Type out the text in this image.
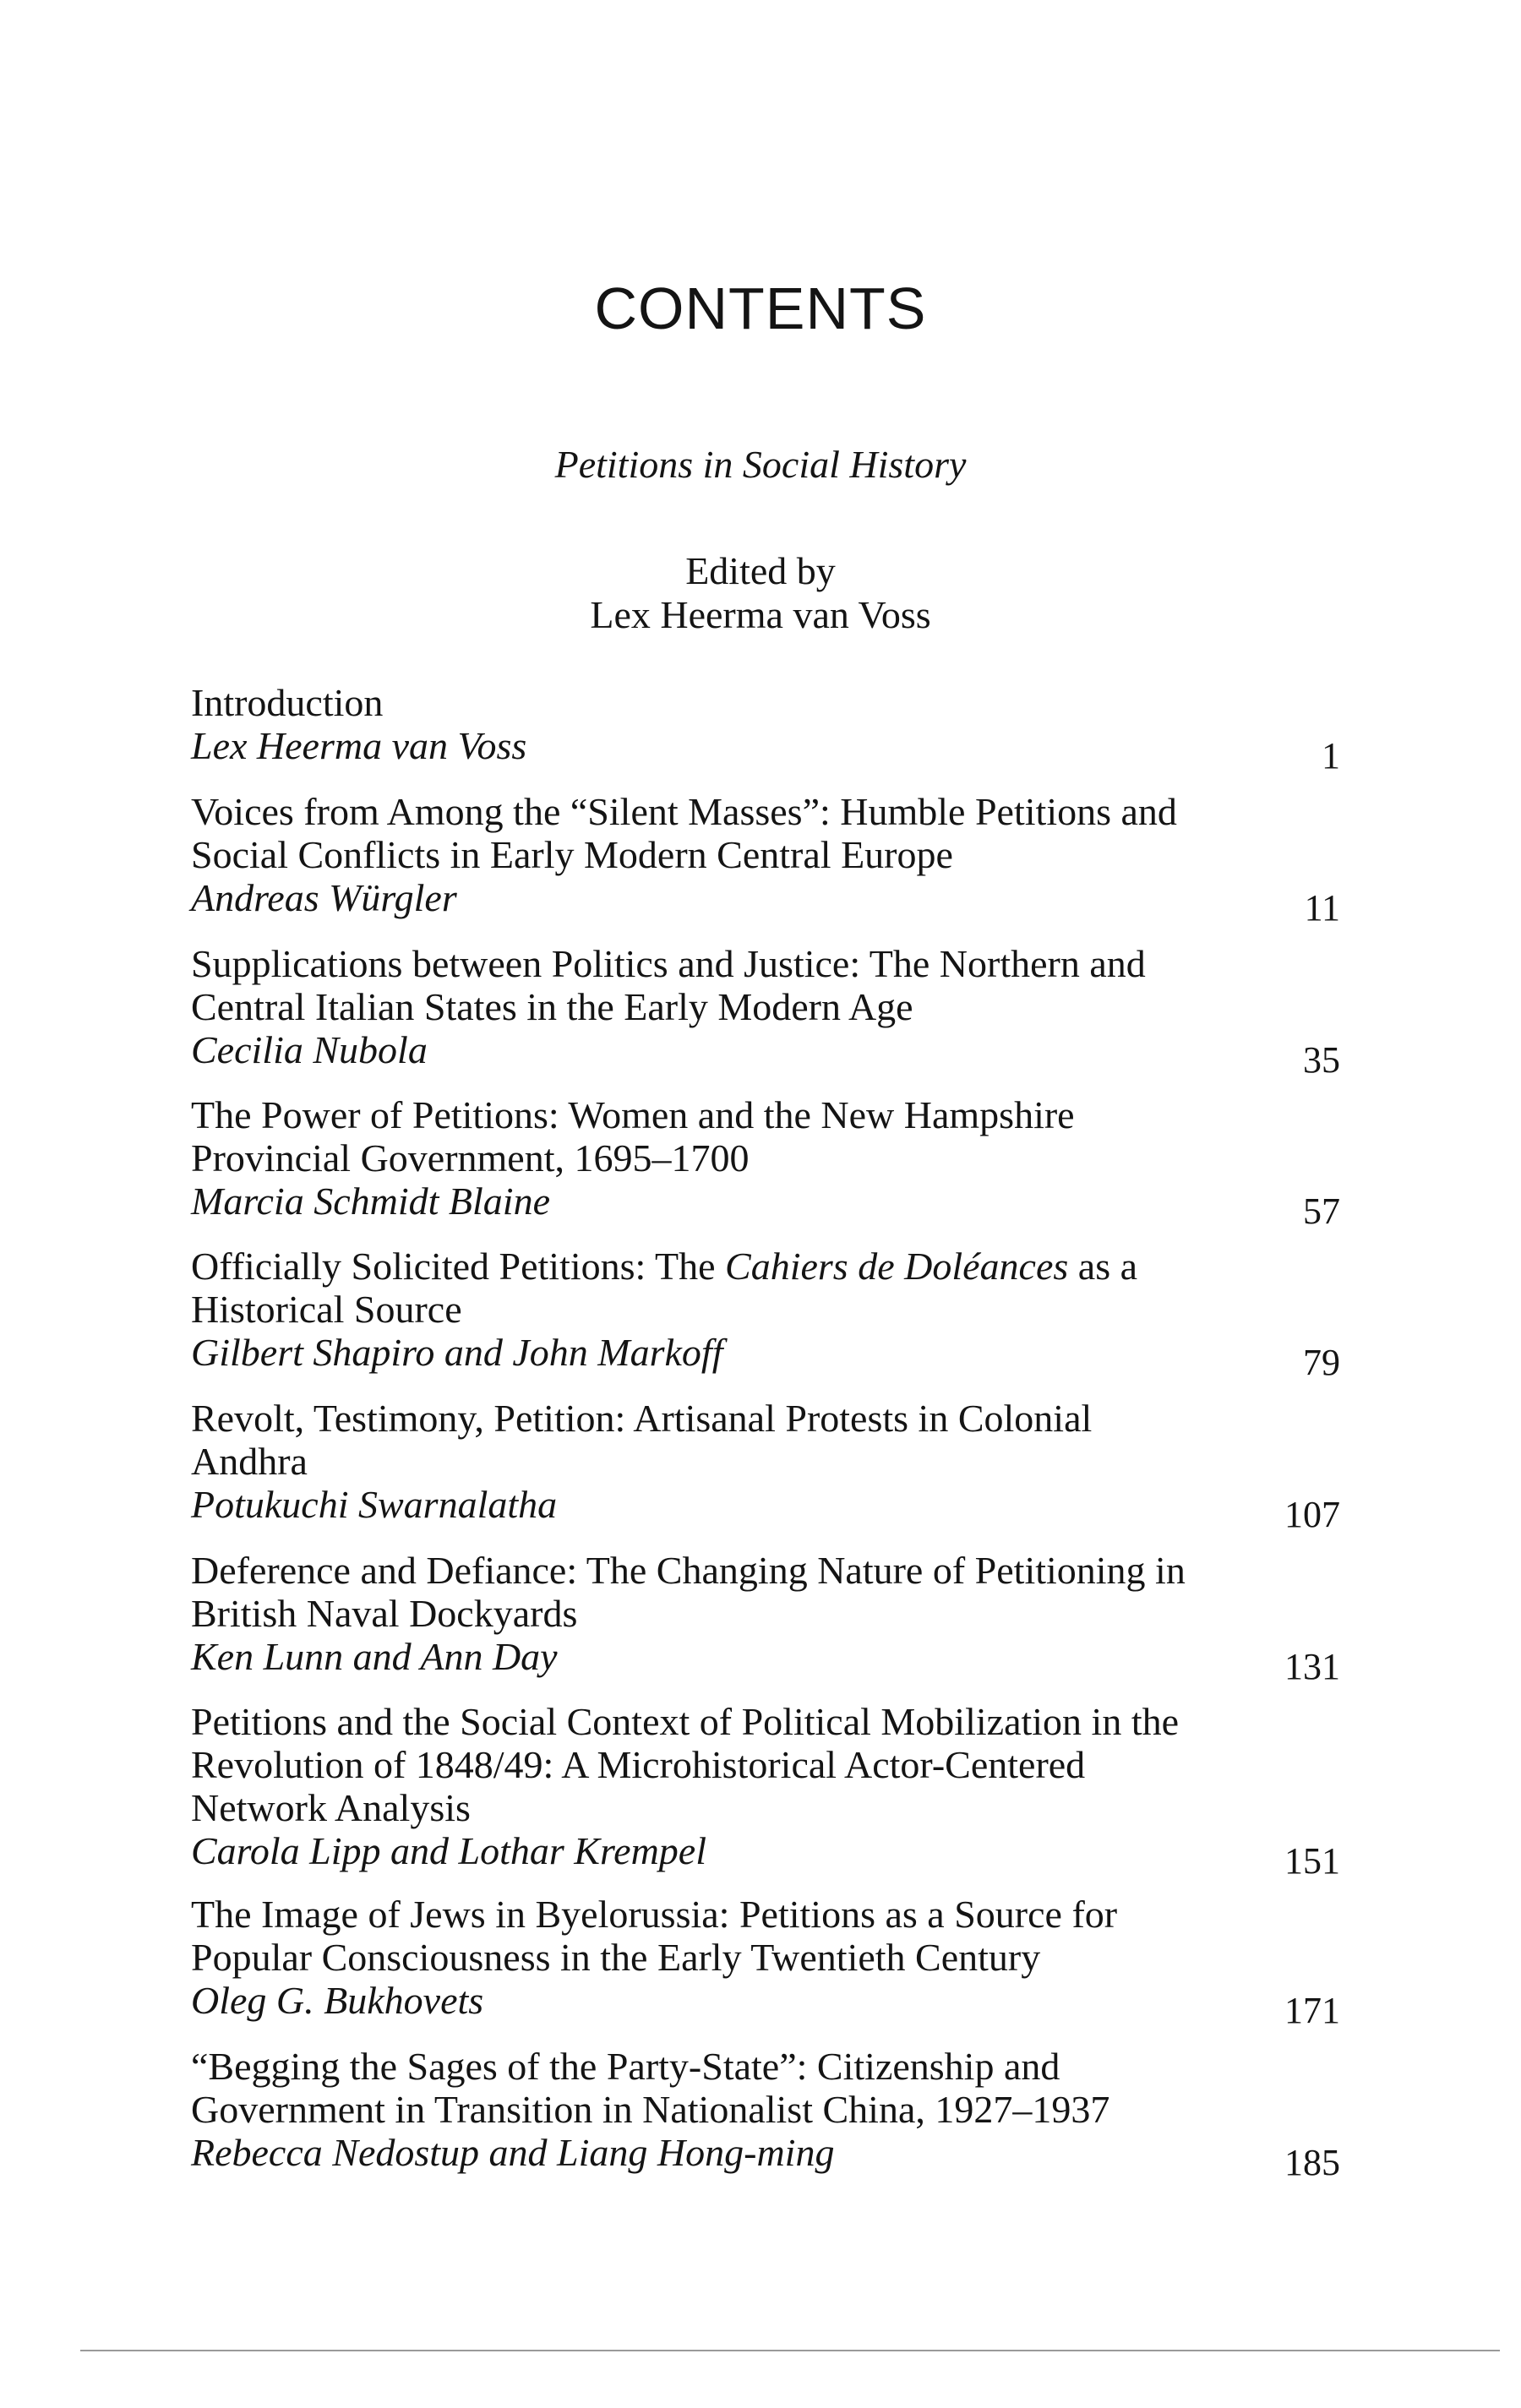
CONTENTS
Petitions in Social History
Edited by
Lex Heerma van Voss
Introduction
Lex Heerma van Voss	1
Voices from Among the “Silent Masses”: Humble Petitions and Social Conflicts in Early Modern Central Europe
Andreas Würgler	11
Supplications between Politics and Justice: The Northern and Central Italian States in the Early Modern Age
Cecilia Nubola	35
The Power of Petitions: Women and the New Hampshire Provincial Government, 1695–1700
Marcia Schmidt Blaine	57
Officially Solicited Petitions: The Cahiers de Doléances as a Historical Source
Gilbert Shapiro and John Markoff	79
Revolt, Testimony, Petition: Artisanal Protests in Colonial Andhra
Potukuchi Swarnalatha	107
Deference and Defiance: The Changing Nature of Petitioning in British Naval Dockyards
Ken Lunn and Ann Day	131
Petitions and the Social Context of Political Mobilization in the Revolution of 1848/49: A Microhistorical Actor-Centered Network Analysis
Carola Lipp and Lothar Krempel	151
The Image of Jews in Byelorussia: Petitions as a Source for Popular Consciousness in the Early Twentieth Century
Oleg G. Bukhovets	171
“Begging the Sages of the Party-State”: Citizenship and Government in Transition in Nationalist China, 1927–1937
Rebecca Nedostup and Liang Hong-ming	185
